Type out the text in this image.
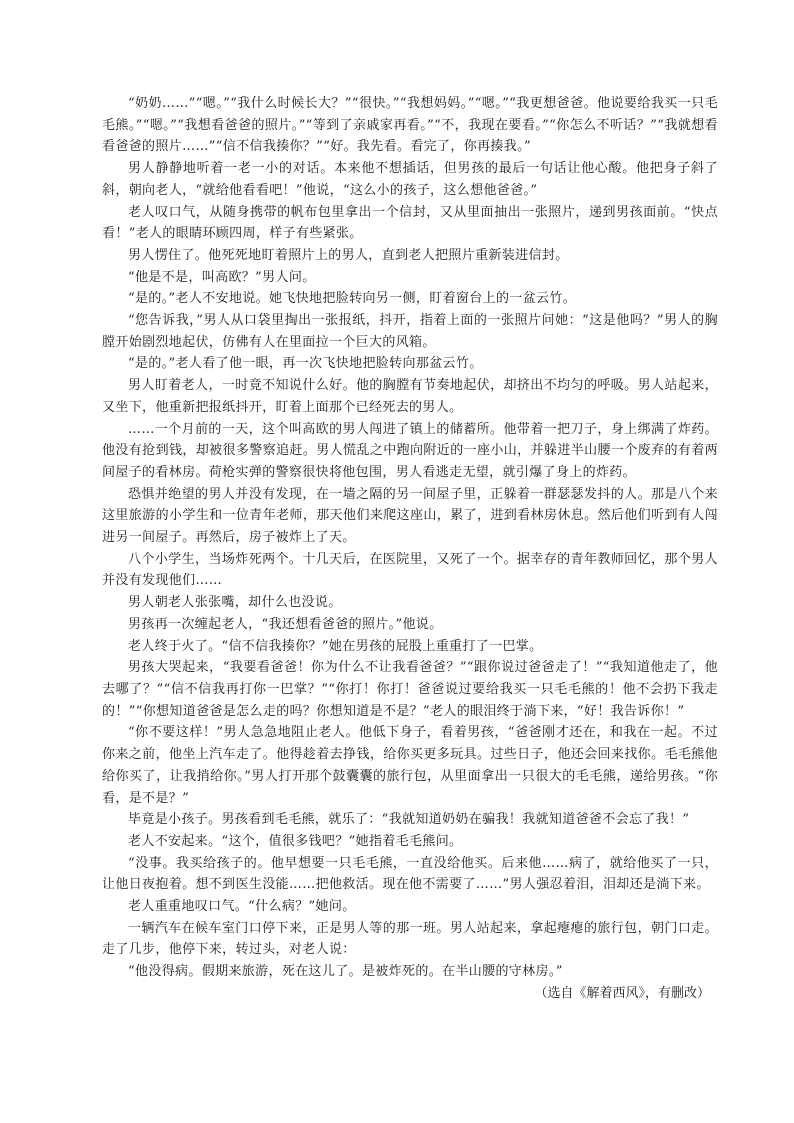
“奶奶……”“嗯。”“我什么时候长大？”“很快。”“我想妈妈。”“嗯。”“我更想爸爸。他说要给我买一只毛毛熊。”“嗯。”“我想看爸爸的照片。”“等到了亲戚家再看。”“不，我现在要看。”“你怎么不听话？”“我就想看看爸爸的照片……”“信不信我揍你？”“好。我先看。看完了，你再揍我。”

男人静静地听着一老一小的对话。本来他不想插话，但男孩的最后一句话让他心酸。他把身子斜了斜，朝向老人，“就给他看看吧！”他说，“这么小的孩子，这么想他爸爸。”

老人叹口气，从随身携带的帆布包里拿出一个信封，又从里面抽出一张照片，递到男孩面前。“快点看！”老人的眼睛环顾四周，样子有些紧张。

男人愣住了。他死死地盯着照片上的男人，直到老人把照片重新装进信封。

“他是不是，叫高欧？”男人问。

“是的。”老人不安地说。她飞快地把脸转向另一侧，盯着窗台上的一盆云竹。

“您告诉我，”男人从口袋里掏出一张报纸，抖开，指着上面的一张照片问她：“这是他吗？”男人的胸膛开始剧烈地起伏，仿佛有人在里面拉一个巨大的风箱。

“是的。”老人看了他一眼，再一次飞快地把脸转向那盆云竹。

男人盯着老人，一时竟不知说什么好。他的胸膛有节奏地起伏，却挤出不均匀的呼吸。男人站起来，又坐下，他重新把报纸抖开，盯着上面那个已经死去的男人。

……一个月前的一天，这个叫高欧的男人闯进了镇上的储蓄所。他带着一把刀子，身上绑满了炸药。他没有抢到钱，却被很多警察追赶。男人慌乱之中跑向附近的一座小山，并躲进半山腰一个废弃的有着两间屋子的看林房。荷枪实弹的警察很快将他包围，男人看逃走无望，就引爆了身上的炸药。

恐惧并绝望的男人并没有发现，在一墙之隔的另一间屋子里，正躲着一群瑟瑟发抖的人。那是八个来这里旅游的小学生和一位青年老师，那天他们来爬这座山，累了，进到看林房休息。然后他们听到有人闯进另一间屋子。再然后，房子被炸上了天。

八个小学生，当场炸死两个。十几天后，在医院里，又死了一个。据幸存的青年教师回忆，那个男人并没有发现他们……

男人朝老人张张嘴，却什么也没说。

男孩再一次缠起老人，“我还想看爸爸的照片。”他说。

老人终于火了。“信不信我揍你？”她在男孩的屁股上重重打了一巴掌。

男孩大哭起来，“我要看爸爸！你为什么不让我看爸爸？”“跟你说过爸爸走了！”“我知道他走了，他去哪了？”“信不信我再打你一巴掌？”“你打！你打！爸爸说过要给我买一只毛毛熊的！他不会扔下我走的！”“你想知道爸爸是怎么走的吗？你想知道是不是？”老人的眼泪终于淌下来，“好！我告诉你！”

“你不要这样！”男人急急地阻止老人。他低下身子，看着男孩，“爸爸刚才还在，和我在一起。不过你来之前，他坐上汽车走了。他得趁着去挣钱，给你买更多玩具。过些日子，他还会回来找你。毛毛熊他给你买了，让我捎给你。”男人打开那个鼓囊囊的旅行包，从里面拿出一只很大的毛毛熊，递给男孩。“你看，是不是？”

毕竟是小孩子。男孩看到毛毛熊，就乐了：“我就知道奶奶在骗我！我就知道爸爸不会忘了我！”

老人不安起来。“这个，值很多钱吧？”她指着毛毛熊问。

“没事。我买给孩子的。他早想要一只毛毛熊，一直没给他买。后来他……病了，就给他买了一只，让他日夜抱着。想不到医生没能……把他救活。现在他不需要了……”男人强忍着泪，泪却还是淌下来。

老人重重地叹口气。“什么病？”她问。

一辆汽车在候车室门口停下来，正是男人等的那一班。男人站起来，拿起瘪瘪的旅行包，朝门口走。走了几步，他停下来，转过头，对老人说：

“他没得病。假期来旅游，死在这儿了。是被炸死的。在半山腰的守林房。”

（选自《解着西风》，有删改）
